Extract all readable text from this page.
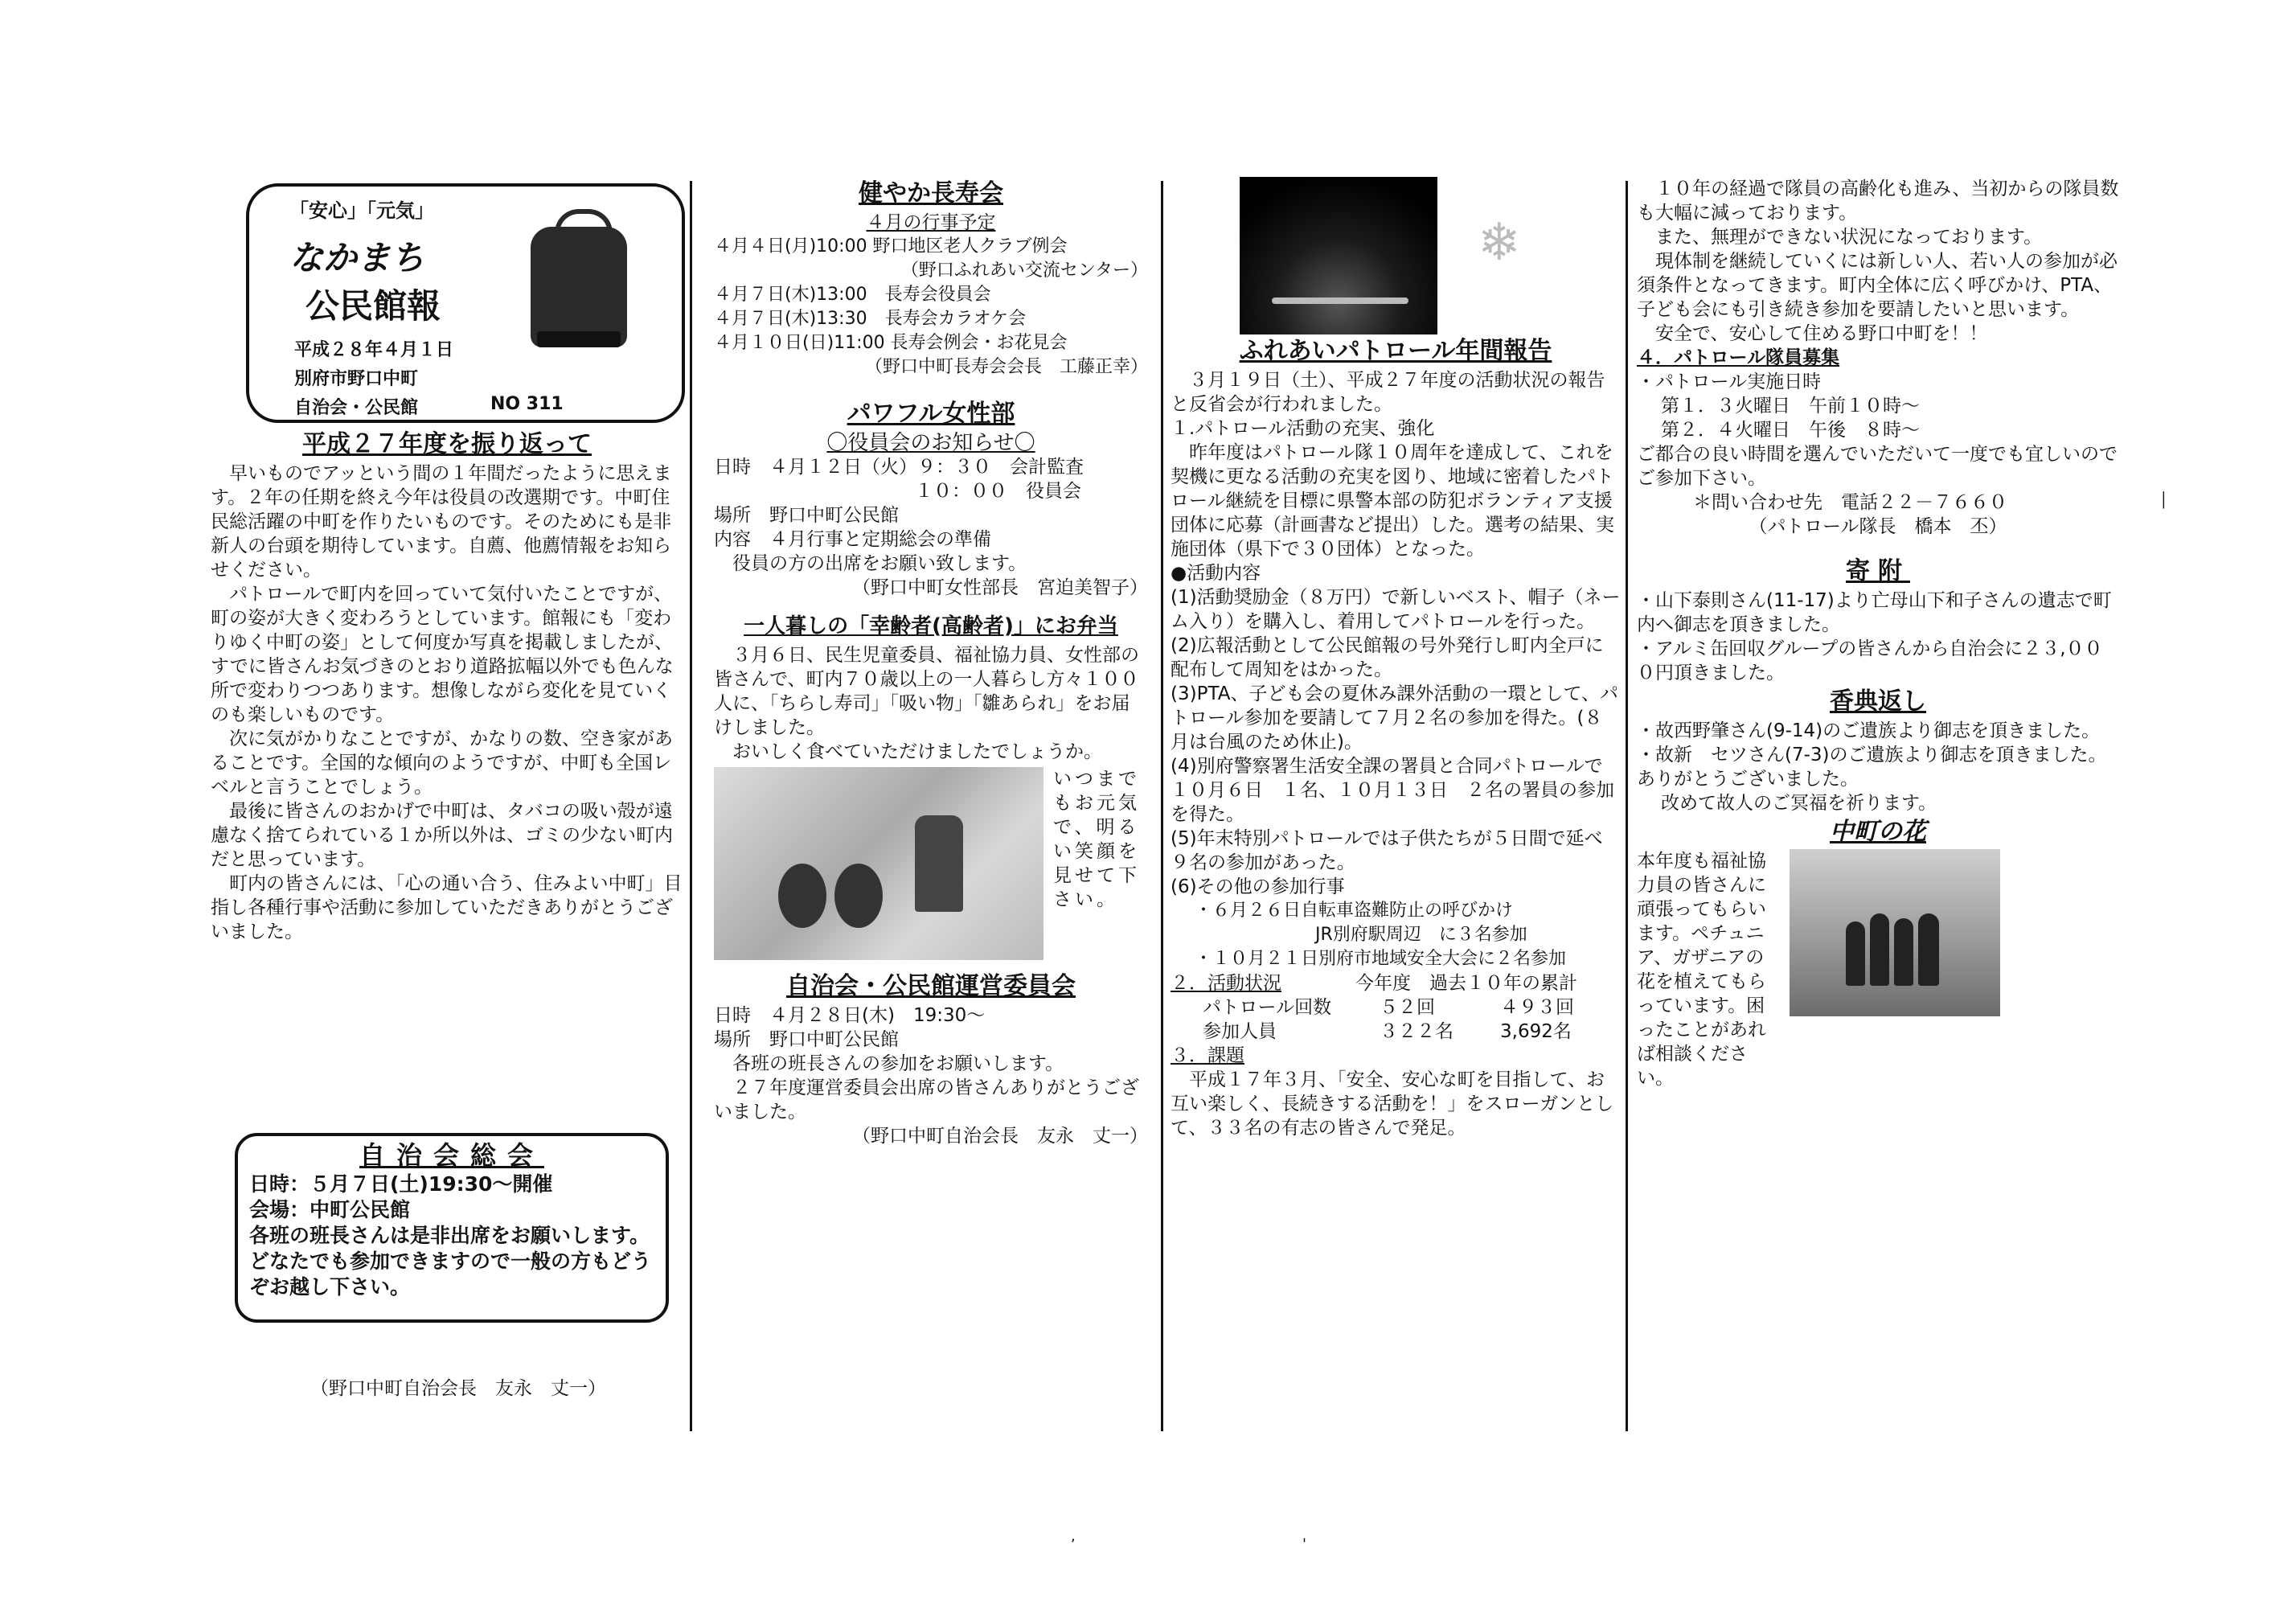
「安心」「元気」
なかまち
公民館報
平成２８年４月１日
別府市野口中町
自治会・公民館	NO 311
平成２７年度を振り返って

早いものでアッという間の１年間だったように思えます。２年の任期を終え今年は役員の改選期です。中町住民総活躍の中町を作りたいものです。そのためにも是非新人の台頭を期待しています。自薦、他薦情報をお知らせください。

パトロールで町内を回っていて気付いたことですが、町の姿が大きく変わろうとしています。館報にも「変わりゆく中町の姿」として何度か写真を掲載しましたが、すでに皆さんお気づきのとおり道路拡幅以外でも色んな所で変わりつつあります。想像しながら変化を見ていくのも楽しいものです。

次に気がかりなことですが、かなりの数、空き家があることです。全国的な傾向のようですが、中町も全国レベルと言うことでしょう。

最後に皆さんのおかげで中町は、タバコの吸い殻が遠慮なく捨てられている１か所以外は、ゴミの少ない町内だと思っています。

町内の皆さんには、「心の通い合う、住みよい中町」目指し各種行事や活動に参加していただきありがとうございました。

自治会総会

日時：５月７日(土)19:30～開催

会場：中町公民館

各班の班長さんは是非出席をお願いします。どなたでも参加できますので一般の方もどうぞお越し下さい。

（野口中町自治会長　友永　丈一）

健やか長寿会

４月の行事予定

４月４日(月)10:00 野口地区老人クラブ例会

（野口ふれあい交流センター）

４月７日(木)13:00　長寿会役員会

４月７日(木)13:30　長寿会カラオケ会

４月１０日(日)11:00 長寿会例会・お花見会

（野口中町長寿会会長　工藤正幸）

パワフル女性部

〇役員会のお知らせ〇

日時　４月１２日（火）９：３０　会計監査

１０：００　役員会

場所　野口中町公民館

内容　４月行事と定期総会の準備

役員の方の出席をお願い致します。

（野口中町女性部長　宮迫美智子）

一人暮しの「幸齢者(高齢者)」にお弁当

３月６日、民生児童委員、福祉協力員、女性部の皆さんで、町内７０歳以上の一人暮らし方々１００人に、「ちらし寿司」「吸い物」「雛あられ」をお届けしました。

おいしく食べていただけましたでしょうか。

いつまでもお元気で、明るい笑顔を見せて下さい。

自治会・公民館運営委員会

日時　４月２８日(木)　19:30～

場所　野口中町公民館

各班の班長さんの参加をお願いします。

２７年度運営委員会出席の皆さんありがとうございました。

（野口中町自治会長　友永　丈一）

ふれあいパトロール年間報告

３月１９日（土）、平成２７年度の活動状況の報告と反省会が行われました。

１.パトロール活動の充実、強化

昨年度はパトロール隊１０周年を達成して、これを契機に更なる活動の充実を図り、地域に密着したパトロール継続を目標に県警本部の防犯ボランティア支援団体に応募（計画書など提出）した。選考の結果、実施団体（県下で３０団体）となった。

●活動内容

(1)活動奨励金（８万円）で新しいベスト、帽子（ネーム入り）を購入し、着用してパトロールを行った。

(2)広報活動として公民館報の号外発行し町内全戸に配布して周知をはかった。

(3)PTA、子ども会の夏休み課外活動の一環として、パトロール参加を要請して７月２名の参加を得た。(８月は台風のため休止)。

(4)別府警察署生活安全課の署員と合同パトロールで１０月６日　１名、１０月１３日　２名の署員の参加を得た。

(5)年末特別パトロールでは子供たちが５日間で延べ９名の参加があった。

(6)その他の参加行事

・６月２６日自転車盗難防止の呼びかけ

JR別府駅周辺　に３名参加

・１０月２１日別府市地域安全大会に２名参加

２．活動状況	今年度　過去１０年の累計

パトロール回数	５２回	４９３回

参加人員	３２２名	3,692名

３．課題

平成１７年３月、「安全、安心な町を目指して、お互い楽しく、長続きする活動を！」をスローガンとして、３３名の有志の皆さんで発足。

❄

１０年の経過で隊員の高齢化も進み、当初からの隊員数も大幅に減っております。

また、無理ができない状況になっております。

現体制を継続していくには新しい人、若い人の参加が必須条件となってきます。町内全体に広く呼びかけ、PTA、子ども会にも引き続き参加を要請したいと思います。

安全で、安心して住める野口中町を！！

４．パトロール隊員募集

・パトロール実施日時

第１．３火曜日　午前１０時～

第２．４火曜日　午後　８時～

ご都合の良い時間を選んでいただいて一度でも宜しいのでご参加下さい。

＊問い合わせ先　電話２２－７６６０

（パトロール隊長　橋本　丕）

寄附

・山下泰則さん(11-17)より亡母山下和子さんの遺志で町内へ御志を頂きました。

・アルミ缶回収グループの皆さんから自治会に２３,０００円頂きました。

香典返し

・故西野肇さん(9-14)のご遺族より御志を頂きました。

・故新　セツさん(7-3)のご遺族より御志を頂きました。　ありがとうございました。

改めて故人のご冥福を祈ります。

中町の花

本年度も福祉協力員の皆さんに頑張ってもらいます。ペチュニア、ガザニアの花を植えてもらっています。困ったことがあれば相談ください。

│
,	'
